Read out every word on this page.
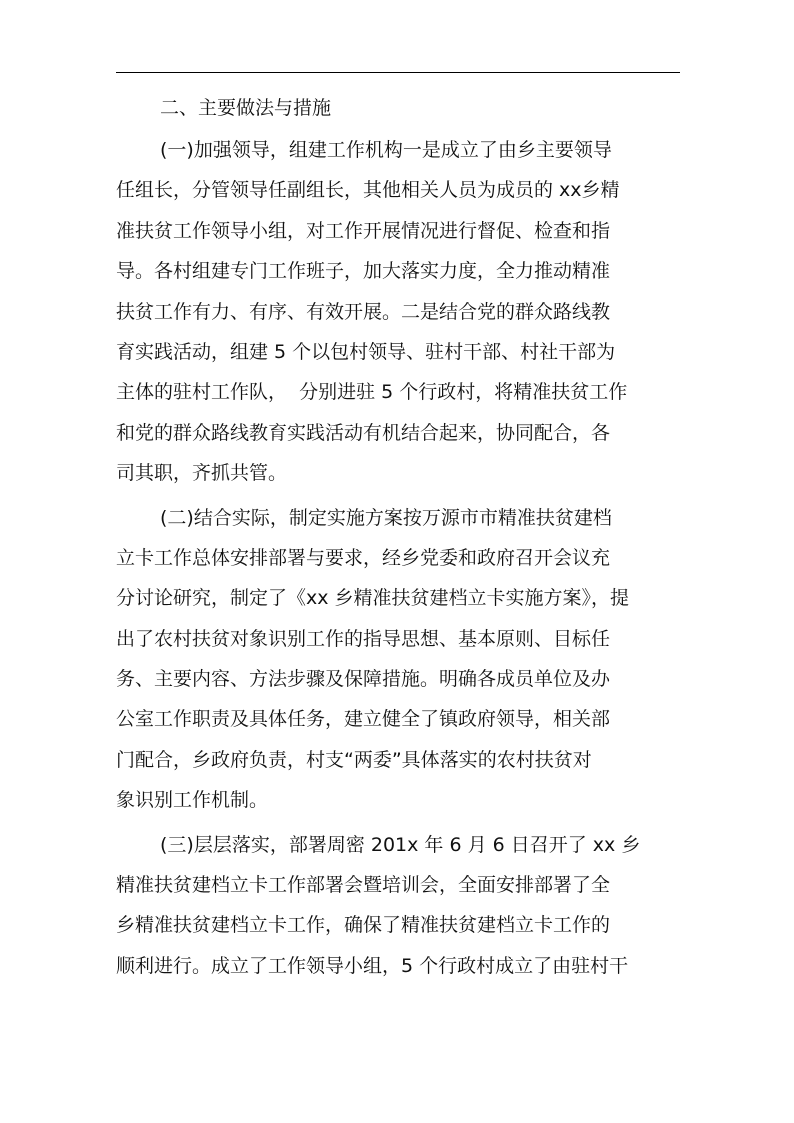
二、主要做法与措施
(一)加强领导，组建工作机构一是成立了由乡主要领导
任组长，分管领导任副组长，其他相关人员为成员的 xx乡精
准扶贫工作领导小组，对工作开展情况进行督促、检查和指
导。各村组建专门工作班子，加大落实力度，全力推动精准
扶贫工作有力、有序、有效开展。二是结合党的群众路线教
育实践活动，组建 5 个以包村领导、驻村干部、村社干部为
主体的驻村工作队，  分别进驻 5 个行政村，将精准扶贫工作
和党的群众路线教育实践活动有机结合起来，协同配合，各
司其职，齐抓共管。
(二)结合实际，制定实施方案按万源市市精准扶贫建档
立卡工作总体安排部署与要求，经乡党委和政府召开会议充
分讨论研究，制定了《xx 乡精准扶贫建档立卡实施方案》，提
出了农村扶贫对象识别工作的指导思想、基本原则、目标任
务、主要内容、方法步骤及保障措施。明确各成员单位及办
公室工作职责及具体任务，建立健全了镇政府领导，相关部
门配合，乡政府负责，村支“两委”具体落实的农村扶贫对
象识别工作机制。
(三)层层落实，部署周密 201x 年 6 月 6 日召开了 xx 乡
精准扶贫建档立卡工作部署会暨培训会，全面安排部署了全
乡精准扶贫建档立卡工作，确保了精准扶贫建档立卡工作的
顺利进行。成立了工作领导小组，5 个行政村成立了由驻村干
